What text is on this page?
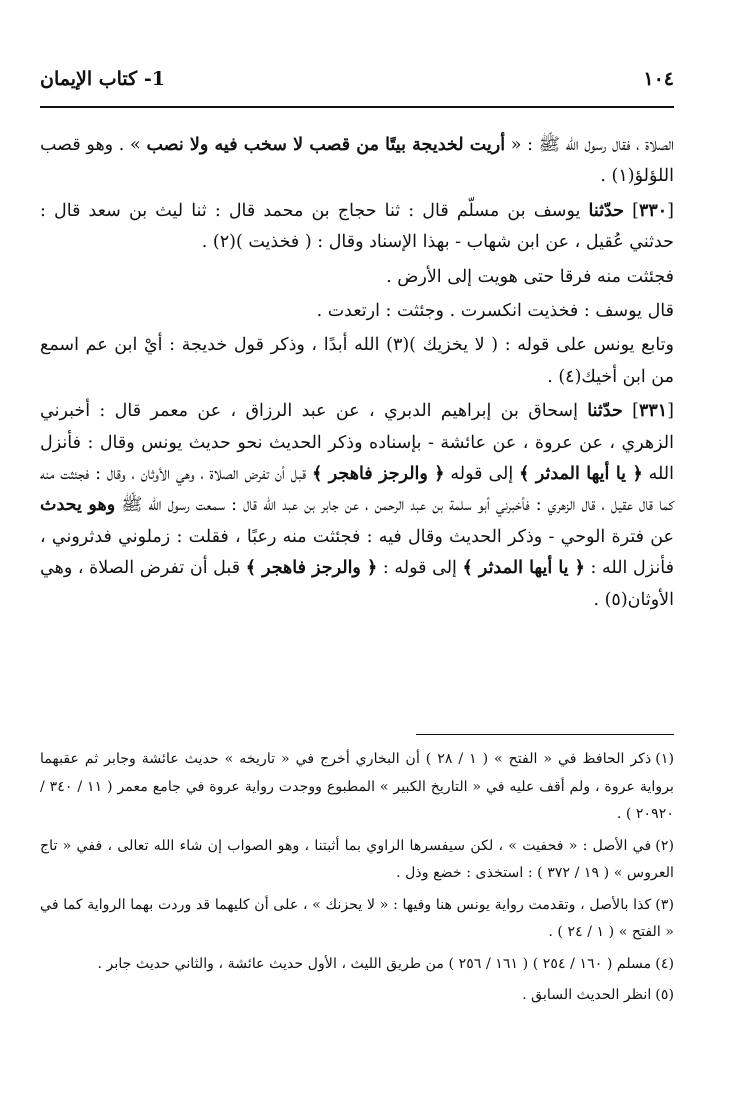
١٠٤
1- كتاب الإيمان

الصلاة ، فقال رسول الله ﷺ : « أريت لخديجة بيتًا من قصب لا سخب فيه ولا نصب » . وهو قصب اللؤلؤ(١) .

[٣٣٠] حدّثنا يوسف بن مسلّم قال : ثنا حجاج بن محمد قال : ثنا ليث بن سعد قال : حدثني عُقيل ، عن ابن شهاب - بهذا الإسناد وقال : ( فخذيت )(٢) .

فجئثت منه فرقا حتى هويت إلى الأرض .

قال يوسف : فخذيت انكسرت . وجئثت : ارتعدت .

وتابع يونس على قوله : ( لا يخزيك )(٣) الله أبدًا ، وذكر قول خديجة : أيْ ابن عم اسمع من ابن أخيك(٤) .

[٣٣١] حدّثنا إسحاق بن إبراهيم الدبري ، عن عبد الرزاق ، عن معمر قال : أخبرني الزهري ، عن عروة ، عن عائشة - بإسناده وذكر الحديث نحو حديث يونس وقال : فأنزل الله ﴿ يا أيها المدثر ﴾ إلى قوله ﴿ والرجز فاهجر ﴾ قبل أن تفرض الصلاة ، وهي الأوثان ، وقال : فجئثت منه كما قال عقيل ، قال الزهري : فأخبرني أبو سلمة بن عبد الرحمن ، عن جابر بن عبد الله قال : سمعت رسول الله ﷺ وهو يحدث عن فترة الوحي - وذكر الحديث وقال فيه : فجئثت منه رعبًا ، فقلت : زملوني فدثروني ، فأنزل الله : ﴿ يا أيها المدثر ﴾ إلى قوله : ﴿ والرجز فاهجر ﴾ قبل أن تفرض الصلاة ، وهي الأوثان(٥) .

(١)ذكر الحافظ في « الفتح » ( ١ / ٢٨ ) أن البخاري أخرج في « تاريخه » حديث عائشة وجابر ثم عقبهما برواية عروة ، ولم أقف عليه في « التاريخ الكبير » المطبوع ووجدت رواية عروة في جامع معمر ( ١١ / ٣٤٠ / ٢٠٩٢٠ ) .

(٢)في الأصل : « فحفيت » ، لكن سيفسرها الراوي بما أثبتنا ، وهو الصواب إن شاء الله تعالى ، ففي « تاج العروس » ( ١٩ / ٣٧٢ ) : استخذى : خضع وذل .

(٣)كذا بالأصل ، وتقدمت رواية يونس هنا وفيها : « لا يحزنك » ، على أن كليهما قد وردت بهما الرواية كما في « الفتح » ( ١ / ٢٤ ) .

(٤)مسلم ( ١٦٠ / ٢٥٤ ) ( ١٦١ / ٢٥٦ ) من طريق الليث ، الأول حديث عائشة ، والثاني حديث جابر .

(٥)انظر الحديث السابق .
